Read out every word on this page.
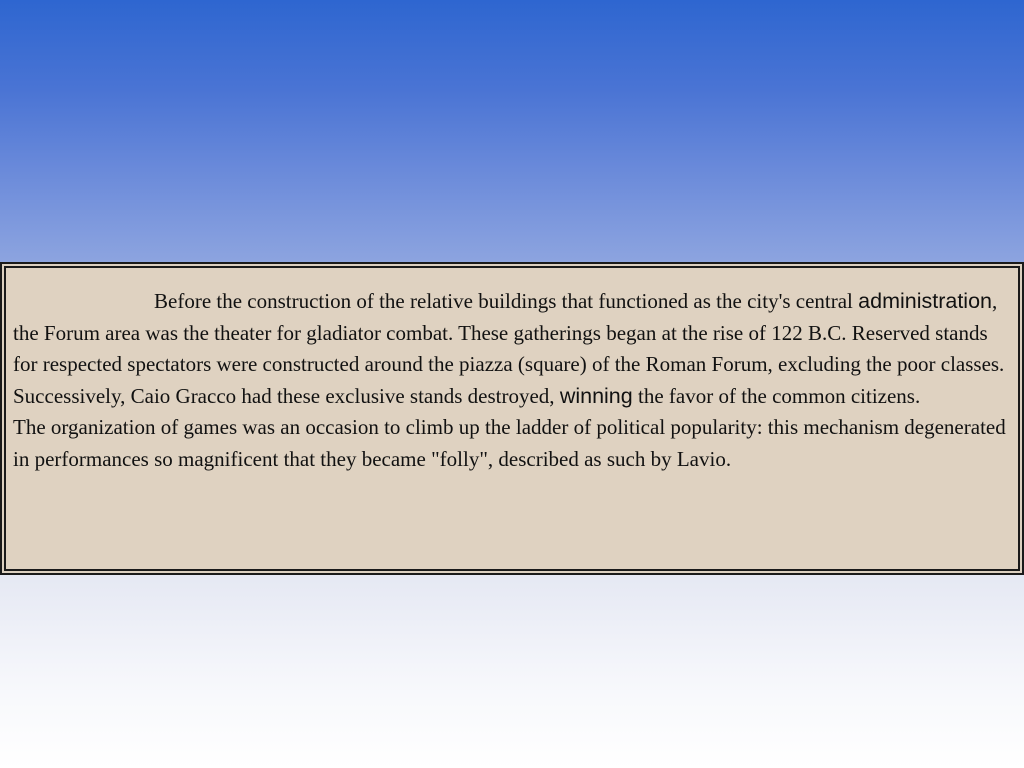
Before the construction of the relative buildings that functioned as the city's central administration, the Forum area was the theater for gladiator combat. These gatherings began at the rise of 122 B.C. Reserved stands for respected spectators were constructed around the piazza (square) of the Roman Forum, excluding the poor classes. Successively, Caio Gracco had these exclusive stands destroyed, winning the favor of the common citizens.

The organization of games was an occasion to climb up the ladder of political popularity: this mechanism degenerated in performances so magnificent that they became "folly", described as such by Lavio.
